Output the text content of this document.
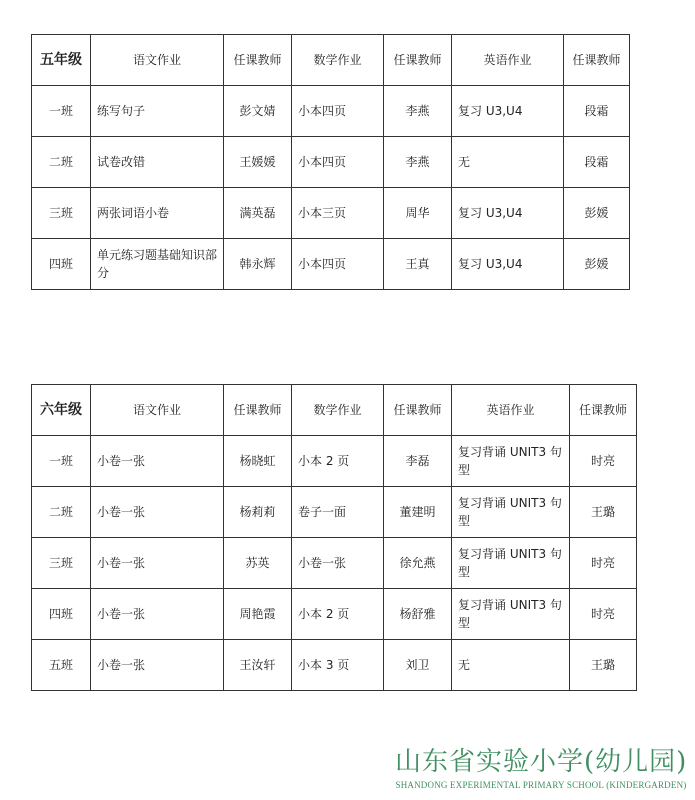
五年级	语文作业	任课教师	数学作业	任课教师	英语作业	任课教师
一班	练写句子	彭文婧	小本四页	李燕	复习 U3,U4	段霜
二班	试卷改错	王媛媛	小本四页	李燕	无	段霜
三班	两张词语小卷	满英磊	小本三页	周华	复习 U3,U4	彭媛
四班	单元练习题基础知识部分	韩永辉	小本四页	王真	复习 U3,U4	彭媛
六年级	语文作业	任课教师	数学作业	任课教师	英语作业	任课教师
一班	小卷一张	杨晓虹	小本 2 页	李磊	复习背诵 UNIT3 句型	时亮
二班	小卷一张	杨莉莉	卷子一面	董建明	复习背诵 UNIT3 句型	王璐
三班	小卷一张	苏英	小卷一张	徐允燕	复习背诵 UNIT3 句型	时亮
四班	小卷一张	周艳霞	小本 2 页	杨舒雅	复习背诵 UNIT3 句型	时亮
五班	小卷一张	王汝轩	小本 3 页	刘卫	无	王璐
山东省实验小学(幼儿园)
SHANDONG EXPERIMENTAL PRIMARY SCHOOL (KINDERGARDEN)
